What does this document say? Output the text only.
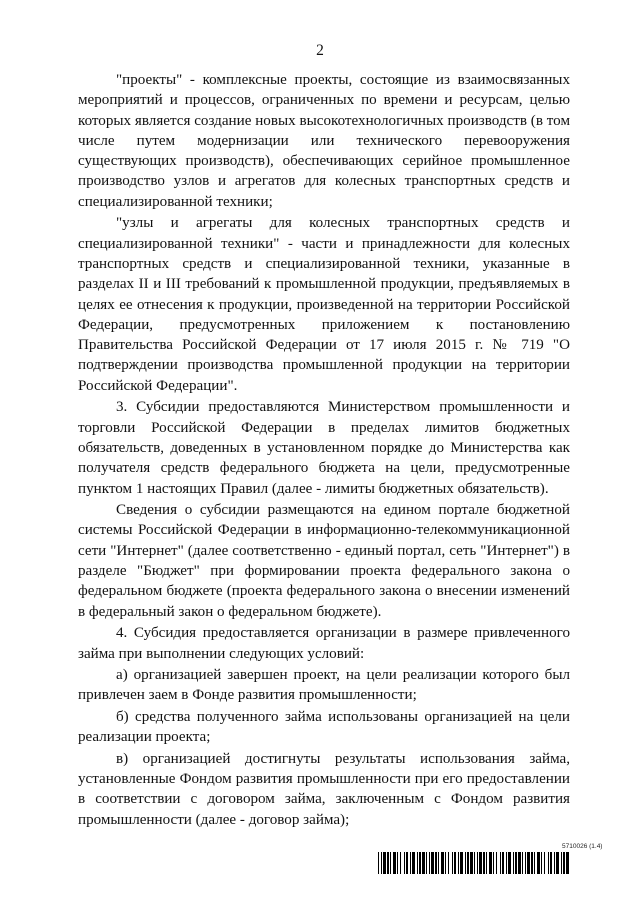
2

"проекты" - комплексные проекты, состоящие из взаимосвязанных мероприятий и процессов, ограниченных по времени и ресурсам, целью которых является создание новых высокотехнологичных производств (в том числе путем модернизации или технического перевооружения существующих производств), обеспечивающих серийное промышленное производство узлов и агрегатов для колесных транспортных средств и специализированной техники;

"узлы и агрегаты для колесных транспортных средств и специализированной техники" - части и принадлежности для колесных транспортных средств и специализированной техники, указанные в разделах II и III требований к промышленной продукции, предъявляемых в целях ее отнесения к продукции, произведенной на территории Российской Федерации, предусмотренных приложением к постановлению Правительства Российской Федерации от 17 июля 2015 г. № 719 "О подтверждении производства промышленной продукции на территории Российской Федерации".

3. Субсидии предоставляются Министерством промышленности и торговли Российской Федерации в пределах лимитов бюджетных обязательств, доведенных в установленном порядке до Министерства как получателя средств федерального бюджета на цели, предусмотренные пунктом 1 настоящих Правил (далее - лимиты бюджетных обязательств).

Сведения о субсидии размещаются на едином портале бюджетной системы Российской Федерации в информационно-телекоммуникационной сети "Интернет" (далее соответственно - единый портал, сеть "Интернет") в разделе "Бюджет" при формировании проекта федерального закона о федеральном бюджете (проекта федерального закона о внесении изменений в федеральный закон о федеральном бюджете).

4. Субсидия предоставляется организации в размере привлеченного займа при выполнении следующих условий:

а) организацией завершен проект, на цели реализации которого был привлечен заем в Фонде развития промышленности;

б) средства полученного займа использованы организацией на цели реализации проекта;

в) организацией достигнуты результаты использования займа, установленные Фондом развития промышленности при его предоставлении в соответствии с договором займа, заключенным с Фондом развития промышленности (далее - договор займа);

5710026 (1.4)
